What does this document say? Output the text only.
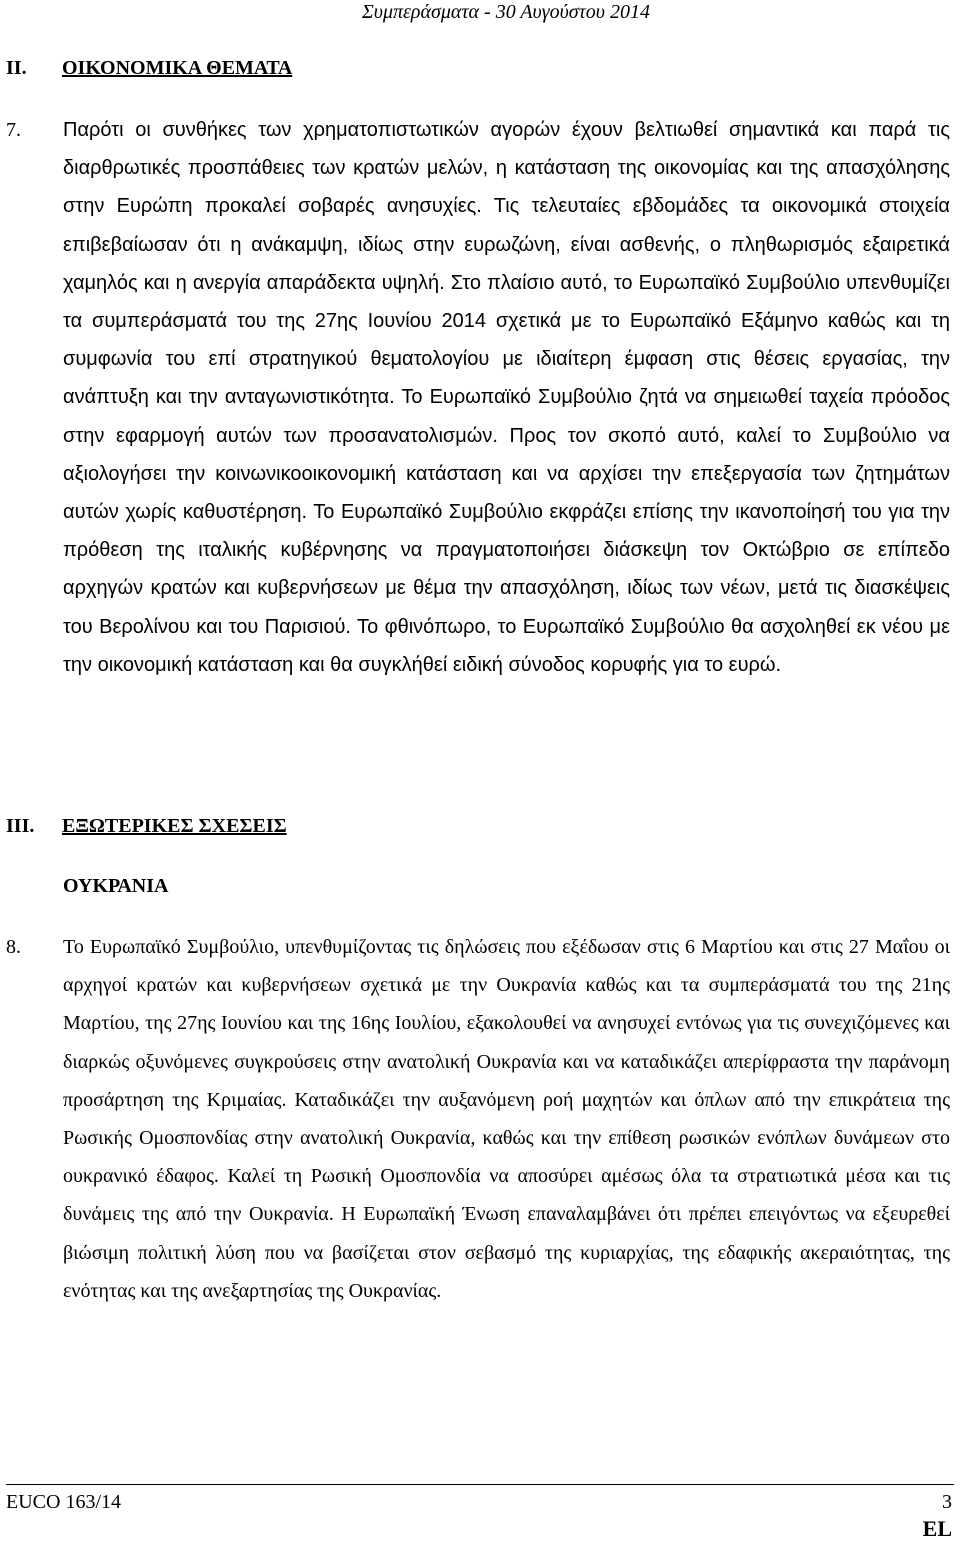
Συμπεράσματα - 30 Αυγούστου 2014
II. ΟΙΚΟΝΟΜΙΚΑ ΘΕΜΑΤΑ
7. Παρότι οι συνθήκες των χρηματοπιστωτικών αγορών έχουν βελτιωθεί σημαντικά και παρά τις διαρθρωτικές προσπάθειες των κρατών μελών, η κατάσταση της οικονομίας και της απασχόλησης στην Ευρώπη προκαλεί σοβαρές ανησυχίες. Τις τελευταίες εβδομάδες τα οικονομικά στοιχεία επιβεβαίωσαν ότι η ανάκαμψη, ιδίως στην ευρωζώνη, είναι ασθενής, ο πληθωρισμός εξαιρετικά χαμηλός και η ανεργία απαράδεκτα υψηλή. Στο πλαίσιο αυτό, το Ευρωπαϊκό Συμβούλιο υπενθυμίζει τα συμπεράσματά του της 27ης Ιουνίου 2014 σχετικά με το Ευρωπαϊκό Εξάμηνο καθώς και τη συμφωνία του επί στρατηγικού θεματολογίου με ιδιαίτερη έμφαση στις θέσεις εργασίας, την ανάπτυξη και την ανταγωνιστικότητα. Το Ευρωπαϊκό Συμβούλιο ζητά να σημειωθεί ταχεία πρόοδος στην εφαρμογή αυτών των προσανατολισμών. Προς τον σκοπό αυτό, καλεί το Συμβούλιο να αξιολογήσει την κοινωνικοοικονομική κατάσταση και να αρχίσει την επεξεργασία των ζητημάτων αυτών χωρίς καθυστέρηση. Το Ευρωπαϊκό Συμβούλιο εκφράζει επίσης την ικανοποίησή του για την πρόθεση της ιταλικής κυβέρνησης να πραγματοποιήσει διάσκεψη τον Οκτώβριο σε επίπεδο αρχηγών κρατών και κυβερνήσεων με θέμα την απασχόληση, ιδίως των νέων, μετά τις διασκέψεις του Βερολίνου και του Παρισιού. Το φθινόπωρο, το Ευρωπαϊκό Συμβούλιο θα ασχοληθεί εκ νέου με την οικονομική κατάσταση και θα συγκλήθεί ειδική σύνοδος κορυφής για το ευρώ.
III. ΕΞΩΤΕΡΙΚΕΣ ΣΧΕΣΕΙΣ
ΟΥΚΡΑΝΙΑ
8. Το Ευρωπαϊκό Συμβούλιο, υπενθυμίζοντας τις δηλώσεις που εξέδωσαν στις 6 Μαρτίου και στις 27 Μαΐου οι αρχηγοί κρατών και κυβερνήσεων σχετικά με την Ουκρανία καθώς και τα συμπεράσματά του της 21ης Μαρτίου, της 27ης Ιουνίου και της 16ης Ιουλίου, εξακολουθεί να ανησυχεί εντόνως για τις συνεχιζόμενες και διαρκώς οξυνόμενες συγκρούσεις στην ανατολική Ουκρανία και να καταδικάζει απερίφραστα την παράνομη προσάρτηση της Κριμαίας. Καταδικάζει την αυξανόμενη ροή μαχητών και όπλων από την επικράτεια της Ρωσικής Ομοσπονδίας στην ανατολική Ουκρανία, καθώς και την επίθεση ρωσικών ενόπλων δυνάμεων στο ουκρανικό έδαφος. Καλεί τη Ρωσική Ομοσπονδία να αποσύρει αμέσως όλα τα στρατιωτικά μέσα και τις δυνάμεις της από την Ουκρανία. Η Ευρωπαϊκή Ένωση επαναλαμβάνει ότι πρέπει επειγόντως να εξευρεθεί βιώσιμη πολιτική λύση που να βασίζεται στον σεβασμό της κυριαρχίας, της εδαφικής ακεραιότητας, της ενότητας και της ανεξαρτησίας της Ουκρανίας.
EUCO 163/14	3
EL
